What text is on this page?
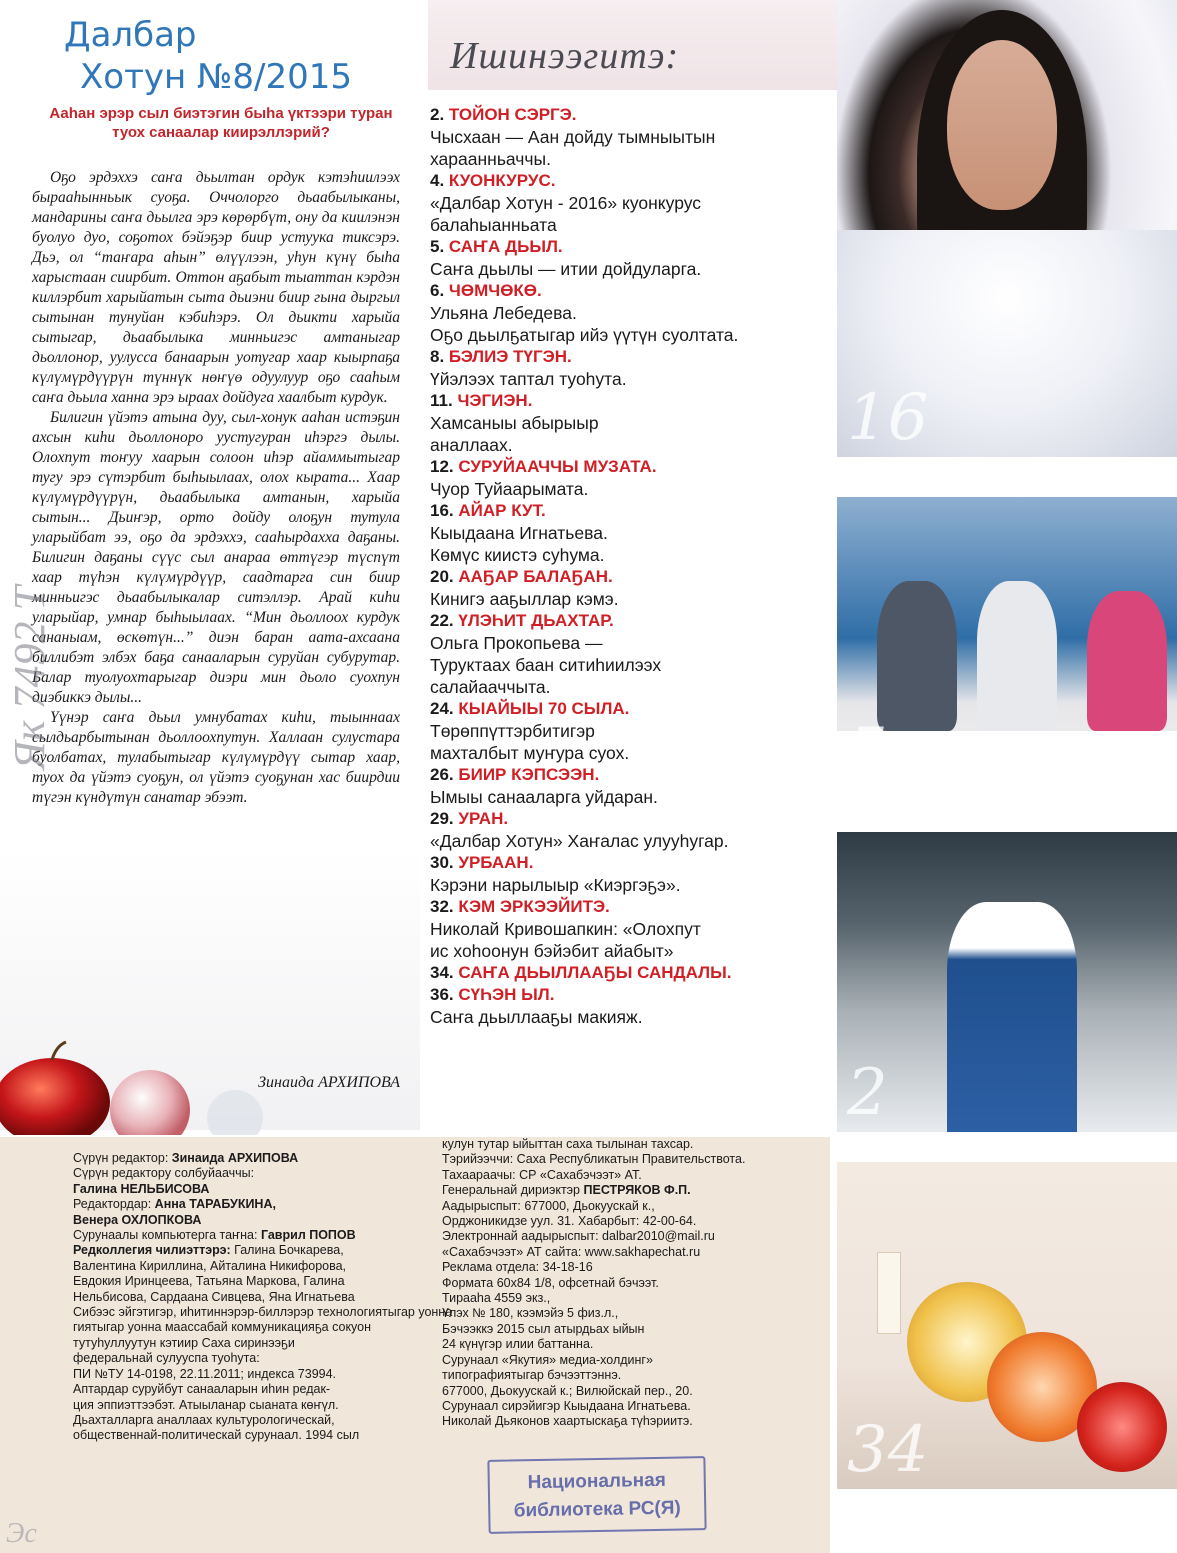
Далбар
Хотун №8/2015
Ааһан эрэр сыл биэтэгин быһа үктээри туран туох санаалар киирэллэрий?

Оҕо эрдэххэ саҥа дьылтан ордук кэтэһиилээх бырааһынньык суоҕа. Оччолорго дьаабылыканы, мандарины саҥа дьылга эрэ көрөрбүт, ону да киилэнэн буолуо дуо, соҕотох бэйэҕэр биир устуука тиксэрэ. Дьэ, ол “таҥара аһын” өлүүлээн, уһун күнү быһа харыстаан сиирбит. Оттон аҕабыт тыаттан кэрдэн киллэрбит харыйатын сыта дьиэни биир гына дыргыл сытынан тунуйан кэбиһэрэ. Ол дьикти харыйа сытыгар, дьаабылыка минньигэс амтаныгар дьоллонор, уулусса банаарын уотугар хаар кыырпаҕа күлүмүрдүүрүн түннүк нөҥүө одуулуур оҕо сааһым саҥа дьыла ханна эрэ ыраах дойдуга хаалбыт курдук.

Билигин үйэтэ атына дуу, сыл-хонук ааһан истэҕин ахсын киһи дьоллоноро уустугуран иһэргэ дылы. Олохпут тоҥуу хаарын солоон иһэр айаммытыгар тугу эрэ сүтэрбит быһыылаах, олох кырата... Хаар күлүмүрдүүрүн, дьаабылыка амтанын, харыйа сытын... Дьиҥэр, орто дойду олоҕун тутула уларыйбат ээ, оҕо да эрдэххэ, сааһырдахха даҕаны. Билигин даҕаны сүүс сыл анараа өттүгэр түспүт хаар түһэн күлүмүрдүүр, саадтарга син биир минньигэс дьаабылыкалар ситэллэр. Арай киһи уларыйар, умнар быһыылаах. “Мин дьоллоох курдук сананыам, өскөтүн...” диэн баран аата-ахсаана биллибэт элбэх баҕа санааларын суруйан субурутар. Балар туолуохтарыгар диэри мин дьоло суохпун диэбиккэ дылы...

Үүнэр саҥа дьыл умнубатах киһи, тыыннаах сылдьарбытынан дьоллоохпутун. Халлаан сулустара буолбатах, тулабытыгар күлүмүрдүү сытар хаар, туох да үйэтэ суоҕун, ол үйэтэ суоҕунан хас биирдии түгэн күндүтүн санатар эбээт.

Як 7492 Т
Зинаида АРХИПОВА
Ишинээгитэ:
2. ТОЙОН СЭРГЭ.
Чысхаан — Аан дойду тымныытын
хараанньаччы.
4. КУОНКУРУС.
«Далбар Хотун - 2016» куонкурус
балаһыанньата
5. САҤА ДЬЫЛ.
Саҥа дьылы — итии дойдуларга.
6. ЧӨМЧӨКӨ.
Ульяна Лебедева.
Оҕо дьылҕатыгар ийэ үүтүн суолтата.
8. БЭЛИЭ ТҮГЭН.
Үйэлээх таптал туоһута.
11. ЧЭГИЭН.
Хамсаныы абырыыр
аналлаах.
12. СУРУЙААЧЧЫ МУЗАТА.
Чуор Туйаарымата.
16. АЙАР КУТ.
Кыыдаана Игнатьева.
Көмүс киистэ суһума.
20. ААҔАР БАЛАҔАН.
Кинигэ ааҕыллар кэмэ.
22. ҮЛЭҺИТ ДЬАХТАР.
Ольга Прокопьева —
Туруктаах баан ситиһиилээх
салайааччыта.
24. КЫАЙЫЫ 70 СЫЛА.
Төрөппүттэрбитигэр
махталбыт муҥура суох.
26. БИИР КЭПСЭЭН.
Ымыы санааларга уйдаран.
29. УРАН.
«Далбар Хотун» Хаҥалас улууһугар.
30. УРБААН.
Кэрэни нарылыыр «Киэргэҕэ».
32. КЭМ ЭРКЭЭЙИТЭ.
Николай Кривошапкин: «Олохпут
ис хоһоонун бэйэбит айабыт»
34. САҤА ДЬЫЛЛААҔЫ САНДАЛЫ.
36. СҮҺЭН ЫЛ.
Саҥа дьыллааҕы макияж.
16
5
2
34
Сүрүн редактор: Зинаида АРХИПОВА
Сүрүн редактоpу солбуйааччы:
Галина НЕЛЬБИСОВА
Редактордар: Анна ТАРАБУКИНА,
Венера ОХЛОПКОВА
Сурунаалы компьютерга таҥна: Гаврил ПОПОВ
Редколлегия чилиэттэрэ: Галина Бочкарева,
Валентина Кириллина, Айталина Никифорова,
Евдокия Иринцеева, Татьяна Маркова, Галина
Нельбисова, Сардаана Сивцева, Яна Игнатьева
Сибээс эйгэтигэр, иһитиннэрэр-биллэрэр технологиятыгар уонна
гиятыгар уонна маассабай коммуникацияҕа сокуон
тутуһуллуутун кэтиир Саха сиринээҕи
федеральнай сулууспа туоһута:
ПИ №ТУ 14-0198, 22.11.2011; индекса 73994.
Аптардар суруйбут санааларын иһин редак-
ция эппиэттээбэт. Атыыланар сыаната көҥүл.
Дьахталларга аналлаах культурологическай,
общественнай-политическай сурунаал. 1994 сыл
кулун тутар ыйыттан саха тылынан тахсар.
Тэрийээччи: Саха Республикатын Правительствота.
Тахаараачы: СР «Сахабэчээт» АТ.
Генеральнай дириэктэр ПЕСТРЯКОВ Ф.П.
Аадырыспыт: 677000, Дьокуускай к.,
Орджоникидзе уул. 31. Хабарбыт: 42-00-64.
Электроннай аадырыспыт: dalbar2010@mail.ru
«Сахабэчээт» АТ сайта: www.sakhapechat.ru
Реклама отдела: 34-18-16
Формата 60х84 1/8, офсетнай бэчээт.
Тирааһа 4559 экз.,
Үлэх № 180, кээмэйэ 5 физ.л.,
Бэчээккэ 2015 сыл атырдьах ыйын
24 күнүгэр илии баттанна.
Сурунаал «Якутия» медиа-холдинг»
типографиятыгар бэчээттэннэ.
677000, Дьокуускай к.; Вилюйскай пер., 20.
Сурунаал сирэйигэр Кыыдаана Игнатьева.
Николай Дьяконов хаартыскаҕа түһэриитэ.
Национальная
библиотека РС(Я)
Эс
